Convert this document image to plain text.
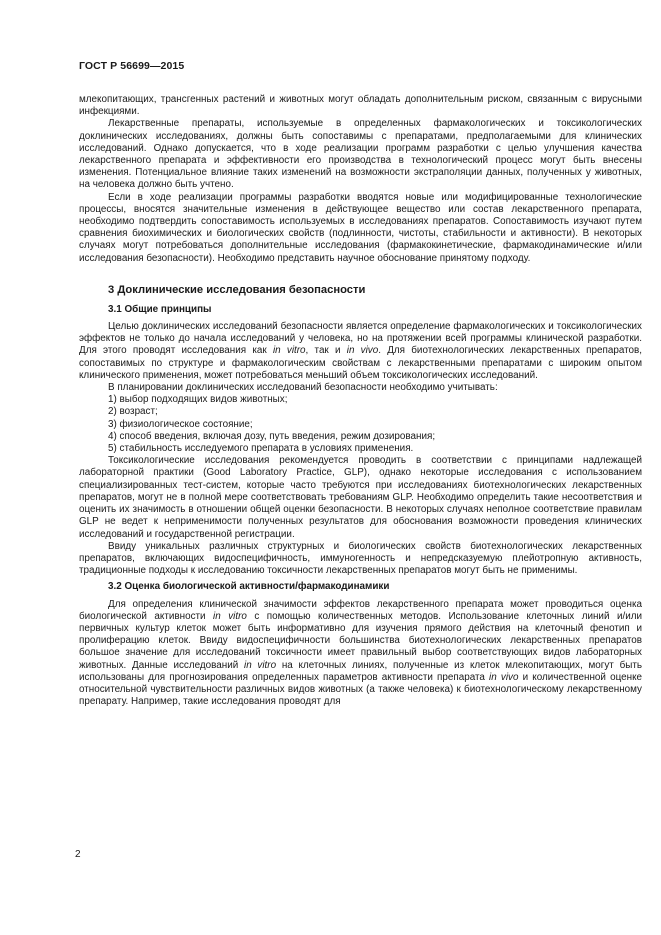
ГОСТ Р 56699—2015

млекопитающих, трансгенных растений и животных могут обладать дополнительным риском, связанным с вирусными инфекциями.

Лекарственные препараты, используемые в определенных фармакологических и токсикологических доклинических исследованиях, должны быть сопоставимы с препаратами, предполагаемыми для клинических исследований. Однако допускается, что в ходе реализации программ разработки с целью улучшения качества лекарственного препарата и эффективности его производства в технологический процесс могут быть внесены изменения. Потенциальное влияние таких изменений на возможности экстраполяции данных, полученных у животных, на человека должно быть учтено.

Если в ходе реализации программы разработки вводятся новые или модифицированные технологические процессы, вносятся значительные изменения в действующее вещество или состав лекарственного препарата, необходимо подтвердить сопоставимость используемых в исследованиях препаратов. Сопоставимость изучают путем сравнения биохимических и биологических свойств (подлинности, чистоты, стабильности и активности). В некоторых случаях могут потребоваться дополнительные исследования (фармакокинетические, фармакодинамические и/или исследования безопасности). Необходимо представить научное обоснование принятому подходу.

3 Доклинические исследования безопасности
3.1 Общие принципы

Целью доклинических исследований безопасности является определение фармакологических и токсикологических эффектов не только до начала исследований у человека, но на протяжении всей программы клинической разработки. Для этого проводят исследования как in vitro, так и in vivo. Для биотехнологических лекарственных препаратов, сопоставимых по структуре и фармакологическим свойствам с лекарственными препаратами с широким опытом клинического применения, может потребоваться меньший объем токсикологических исследований.

В планировании доклинических исследований безопасности необходимо учитывать:

1) выбор подходящих видов животных;

2) возраст;

3) физиологическое состояние;

4) способ введения, включая дозу, путь введения, режим дозирования;

5) стабильность исследуемого препарата в условиях применения.

Токсикологические исследования рекомендуется проводить в соответствии с принципами надлежащей лабораторной практики (Good Laboratory Practice, GLP), однако некоторые исследования с использованием специализированных тест-систем, которые часто требуются при исследованиях биотехнологических лекарственных препаратов, могут не в полной мере соответствовать требованиям GLP. Необходимо определить такие несоответствия и оценить их значимость в отношении общей оценки безопасности. В некоторых случаях неполное соответствие правилам GLP не ведет к неприменимости полученных результатов для обоснования возможности проведения клинических исследований и государственной регистрации.

Ввиду уникальных различных структурных и биологических свойств биотехнологических лекарственных препаратов, включающих видоспецифичность, иммуногенность и непредсказуемую плейотропную активность, традиционные подходы к исследованию токсичности лекарственных препаратов могут быть не применимы.

3.2 Оценка биологической активности/фармакодинамики

Для определения клинической значимости эффектов лекарственного препарата может проводиться оценка биологической активности in vitro с помощью количественных методов. Использование клеточных линий и/или первичных культур клеток может быть информативно для изучения прямого действия на клеточный фенотип и пролиферацию клеток. Ввиду видоспецифичности большинства биотехнологических лекарственных препаратов большое значение для исследований токсичности имеет правильный выбор соответствующих видов лабораторных животных. Данные исследований in vitro на клеточных линиях, полученные из клеток млекопитающих, могут быть использованы для прогнозирования определенных параметров активности препарата in vivo и количественной оценке относительной чувствительности различных видов животных (а также человека) к биотехнологическому лекарственному препарату. Например, такие исследования проводят для

2
